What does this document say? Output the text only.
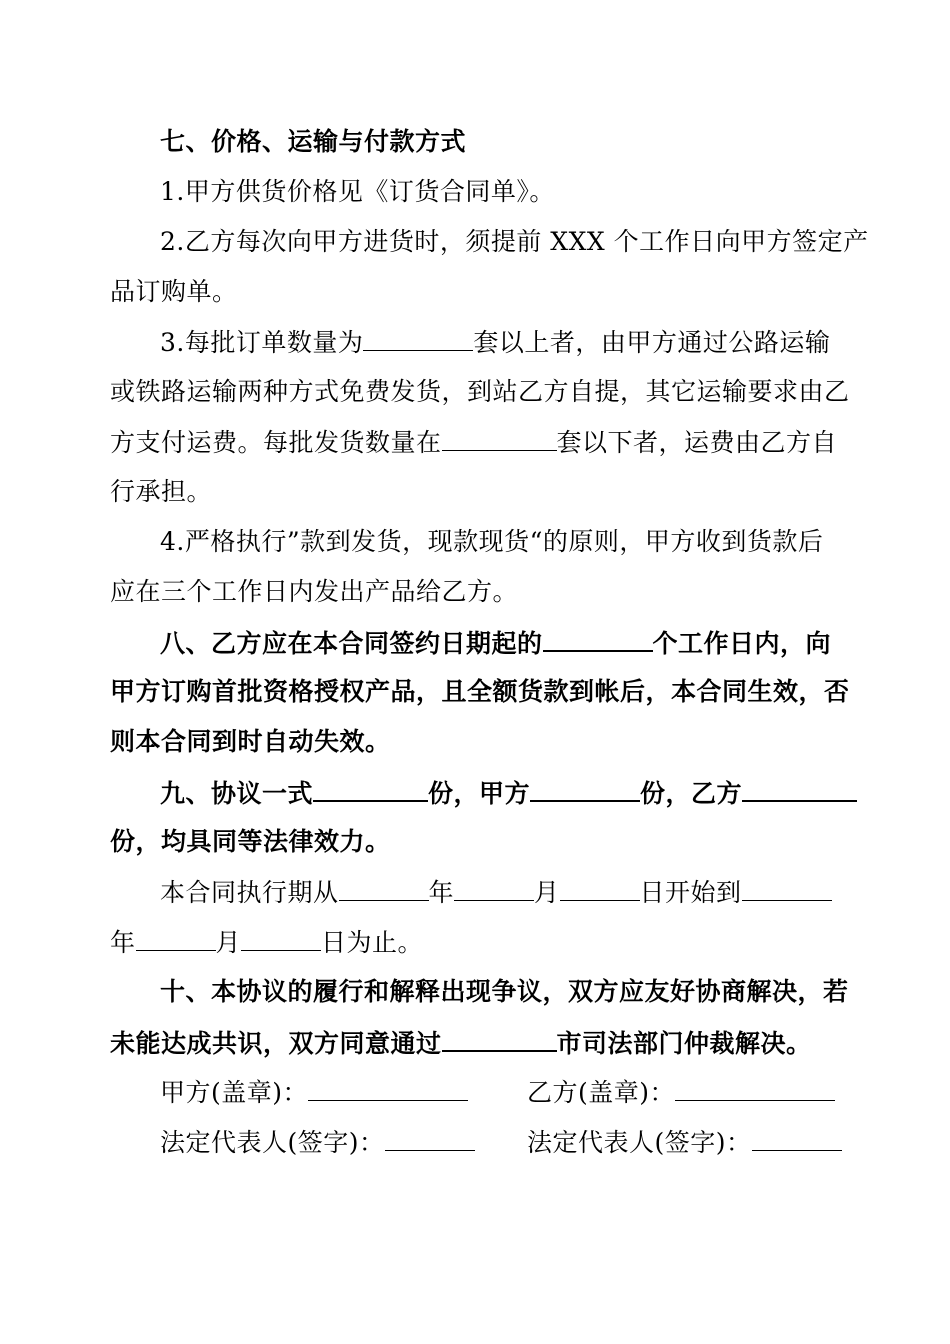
七、价格、运输与付款方式
1.甲方供货价格见《订货合同单》。
2.乙方每次向甲方进货时，须提前 XXX 个工作日向甲方签定产
品订购单。
3.每批订单数量为	套以上者，由甲方通过公路运输
或铁路运输两种方式免费发货，到站乙方自提，其它运输要求由乙
方支付运费。每批发货数量在	套以下者，运费由乙方自
行承担。
4.严格执行”款到发货，现款现货“的原则，甲方收到货款后
应在三个工作日内发出产品给乙方。
八、乙方应在本合同签约日期起的	个工作日内，向
甲方订购首批资格授权产品，且全额货款到帐后，本合同生效，否
则本合同到时自动失效。
九、协议一式	份，甲方	份，乙方
份，均具同等法律效力。
本合同执行期从	年	月	日开始到
年	月	日为止。
十、本协议的履行和解释出现争议，双方应友好协商解决，若
未能达成共识，双方同意通过	市司法部门仲裁解决。
甲方(盖章)：	乙方(盖章)：
法定代表人(签字)：	法定代表人(签字)：
